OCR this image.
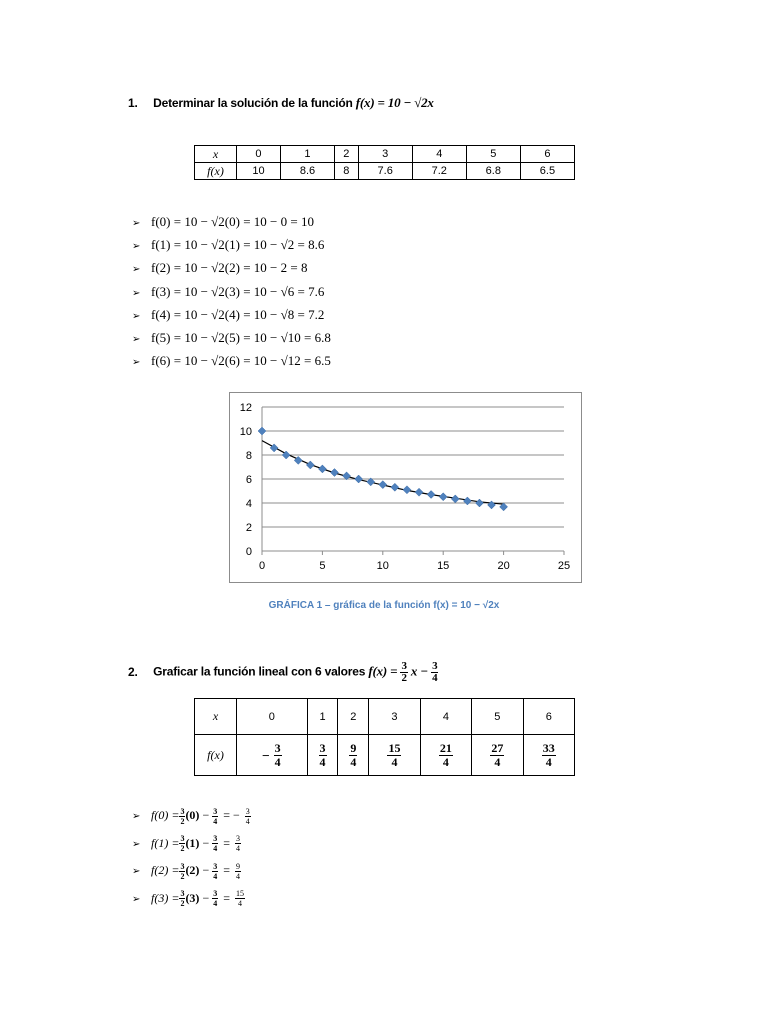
1. Determinar la solución de la función f(x) = 10 − √2x
x	0	1	2	3	4	5	6
f(x)	10	8.6	8	7.6	7.2	6.8	6.5
➢ f(0) = 10 − √2(0) = 10 − 0 = 10
➢ f(1) = 10 − √2(1) = 10 − √2 = 8.6
➢ f(2) = 10 − √2(2) = 10 − 2 = 8
➢ f(3) = 10 − √2(3) = 10 − √6 = 7.6
➢ f(4) = 10 − √2(4) = 10 − √8 = 7.2
➢ f(5) = 10 − √2(5) = 10 − √10 = 6.8
➢ f(6) = 10 − √2(6) = 10 − √12 = 6.5
0
2
4
6
8
10
12
0	5	10	15	20	25
GRÁFICA 1 – gráfica de la función f(x) = 10 − √2x
2. Graficar la función lineal con 6 valores $f(x) = \frac{3}{2}$ $x - \frac{3}{4}$
x	0	1	2	3	4	5	6
f(x)	− $\frac{3}{4}$	$\frac{3}{4}$	$\frac{9}{4}$	$\frac{15}{4}$	$\frac{21}{4}$	$\frac{27}{4}$	$\frac{33}{4}$
➢ $f(0) = \frac{3}{2} (0) - \frac{3}{4}$ = − $\frac{3}{4}$
➢ $f(1) = \frac{3}{2} (1) - \frac{3}{4} = \frac{3}{4}$
➢ $f(2) = \frac{3}{2} (2) - \frac{3}{4} = \frac{9}{4}$
➢ $f(3) = \frac{3}{2} (3) - \frac{3}{4} = \frac{15}{4}$
